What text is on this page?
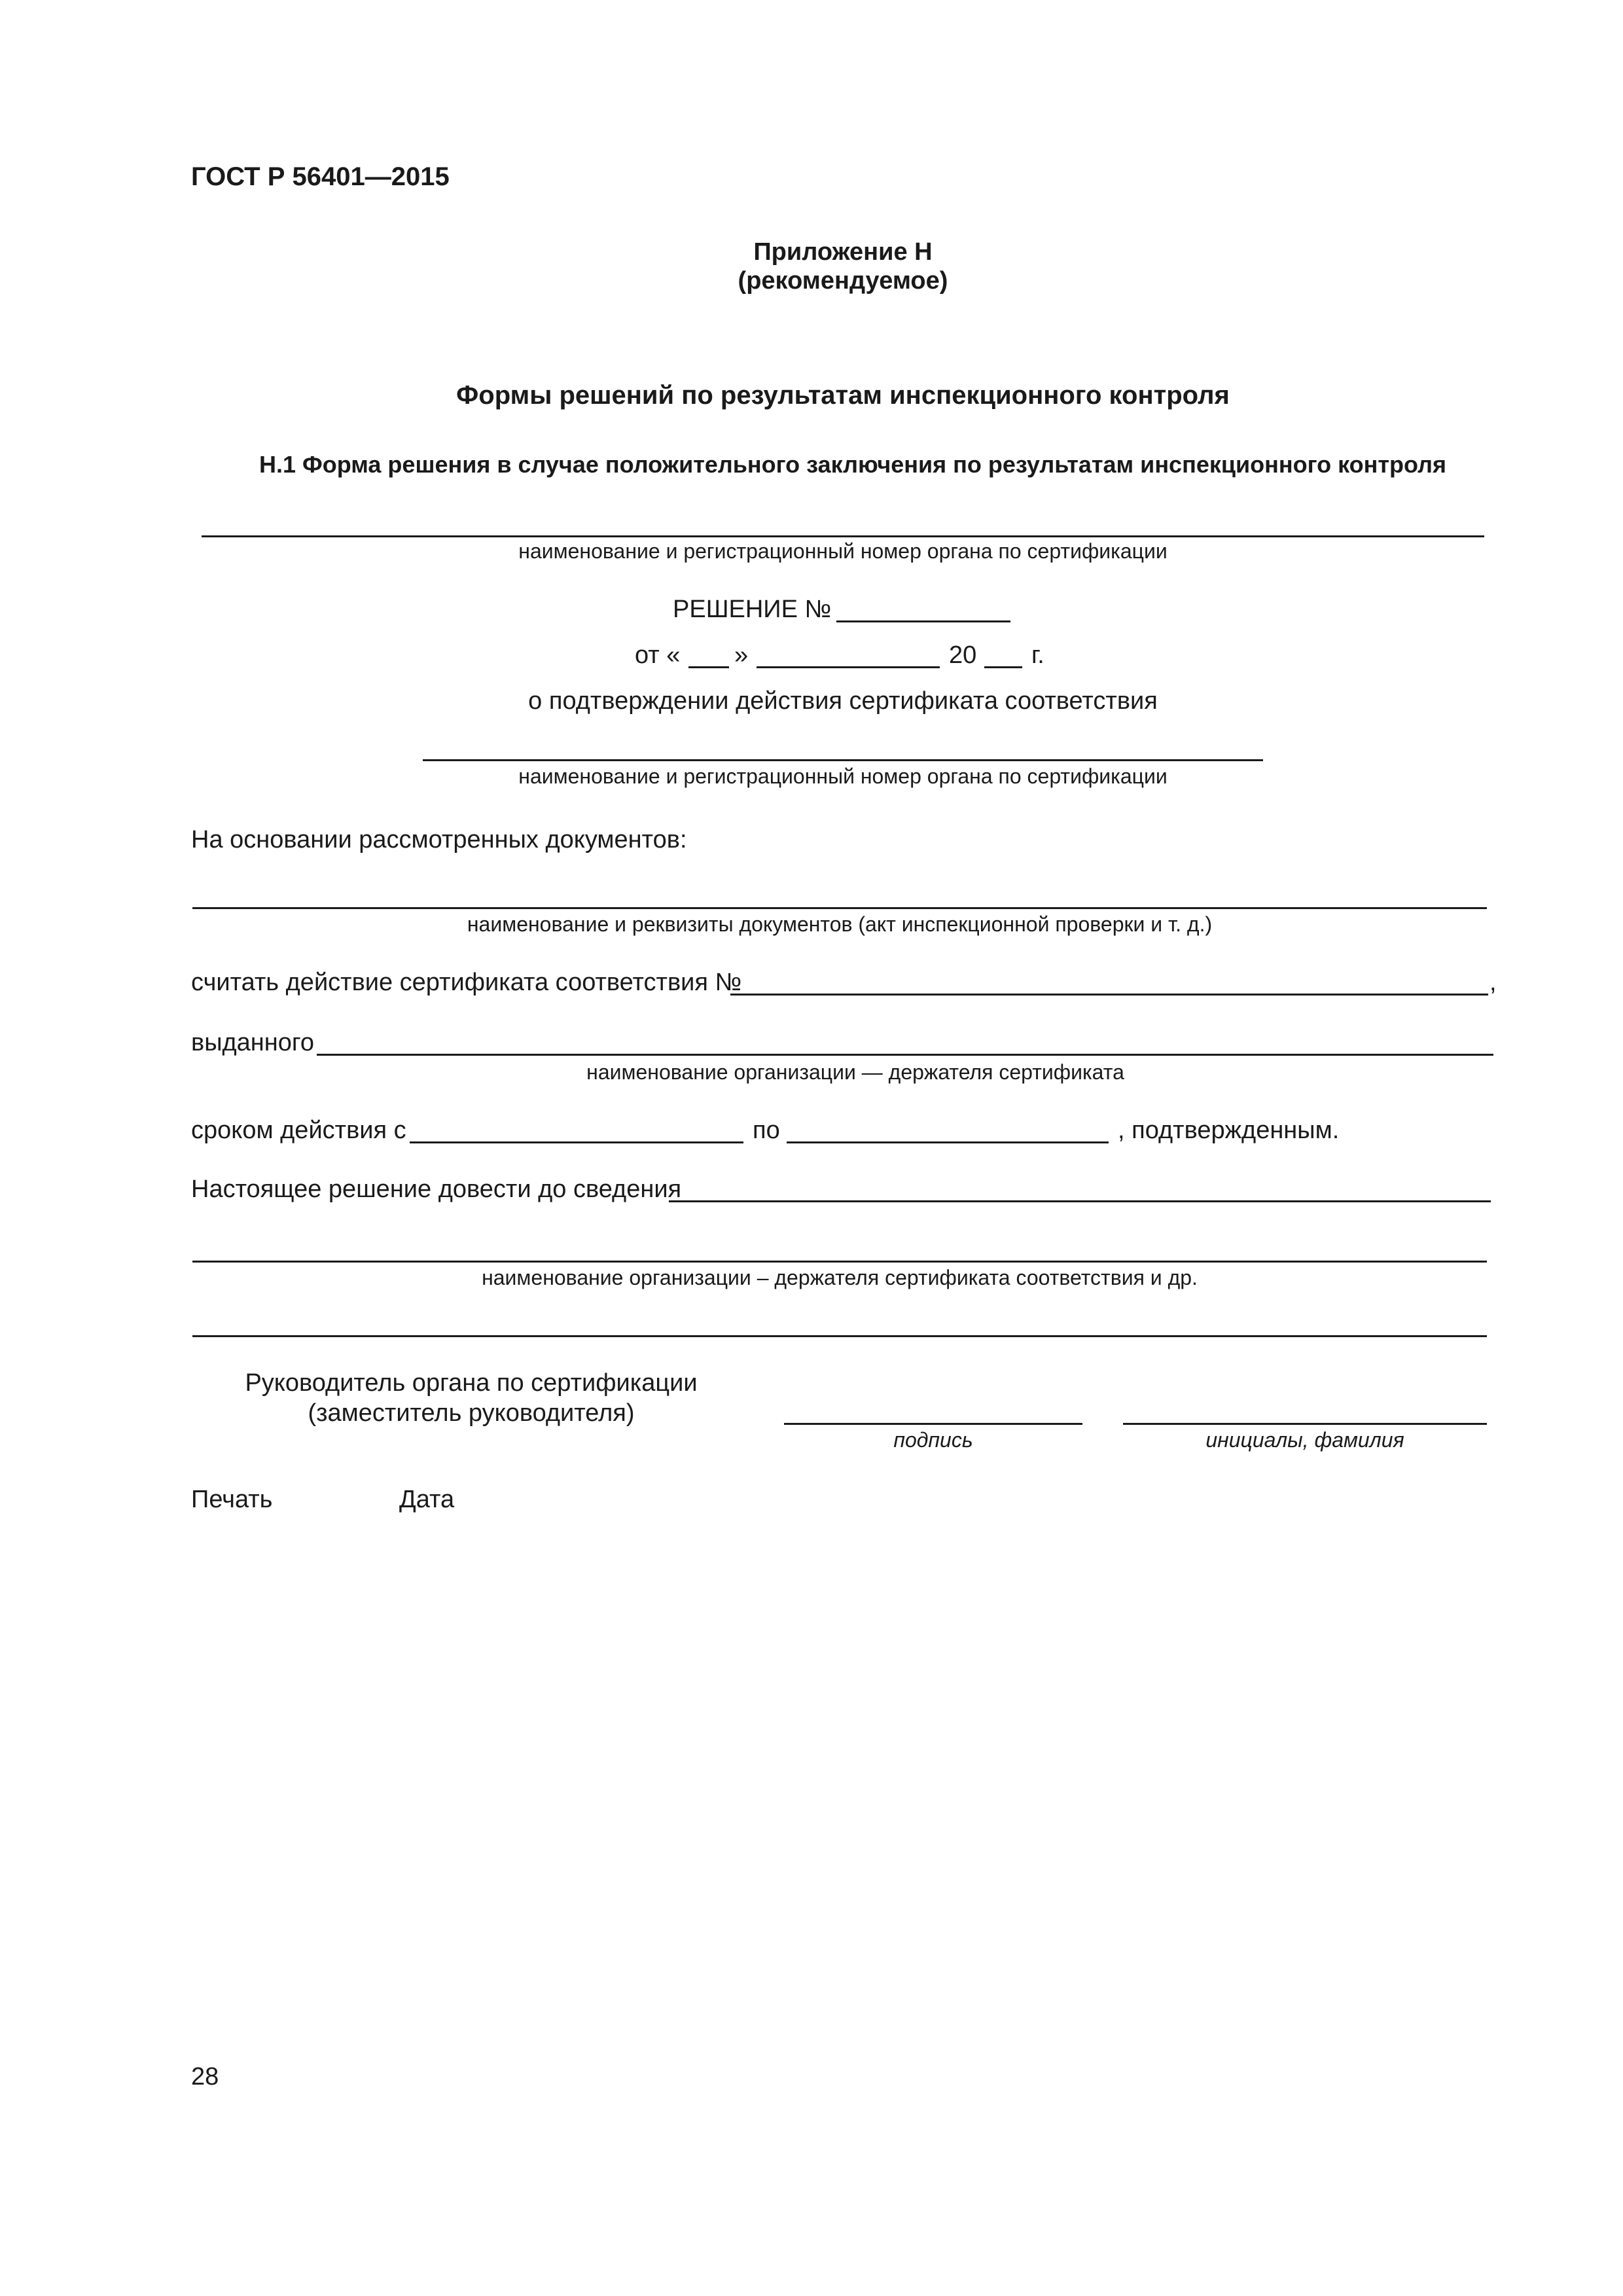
ГОСТ Р 56401—2015
Приложение Н
(рекомендуемое)
Формы решений по результатам инспекционного контроля
Н.1 Форма решения в случае положительного заключения по результатам инспекционного контроля
наименование и регистрационный номер органа по сертификации
РЕШЕНИЕ №
от « »	20 г.
о подтверждении действия сертификата соответствия
наименование и регистрационный номер органа по сертификации
На основании рассмотренных документов:
наименование и реквизиты документов (акт инспекционной проверки и т. д.)
считать действие сертификата соответствия №	,
выданного
наименование организации — держателя сертификата
сроком действия с	по	, подтвержденным.
Настоящее решение довести до сведения
наименование организации – держателя сертификата соответствия и др.
Руководитель органа по сертификации
(заместитель руководителя)
подпись	инициалы, фамилия
Печать	Дата
28
